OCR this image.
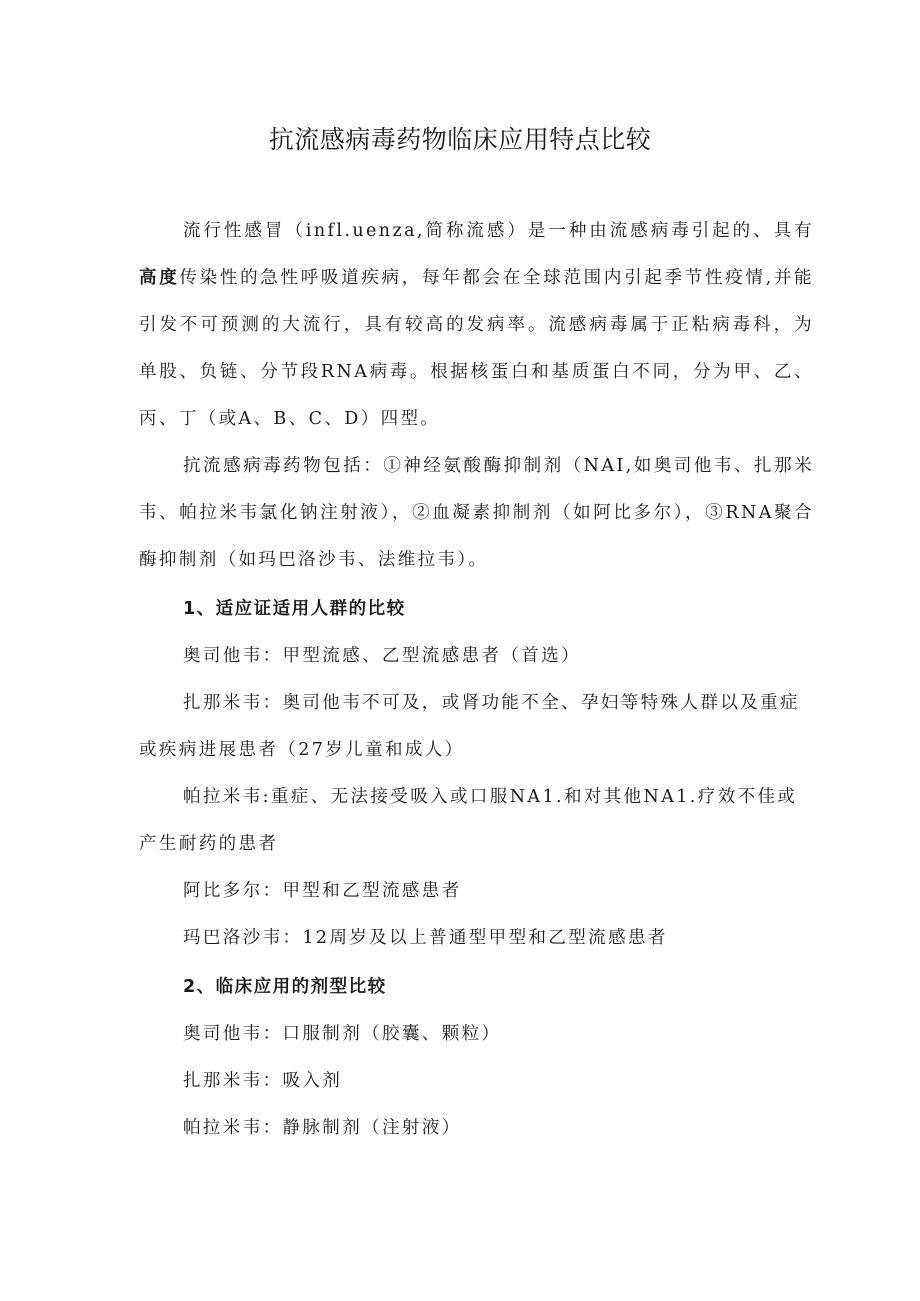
抗流感病毒药物临床应用特点比较

流行性感冒（infl.uenza,简称流感）是一种由流感病毒引起的、具有高度传染性的急性呼吸道疾病，每年都会在全球范围内引起季节性疫情,并能引发不可预测的大流行，具有较高的发病率。流感病毒属于正粘病毒科，为单股、负链、分节段RNA病毒。根据核蛋白和基质蛋白不同，分为甲、乙、丙、丁（或A、B、C、D）四型。

抗流感病毒药物包括：①神经氨酸酶抑制剂（NAI,如奥司他韦、扎那米韦、帕拉米韦氯化钠注射液），②血凝素抑制剂（如阿比多尔），③RNA聚合酶抑制剂（如玛巴洛沙韦、法维拉韦）。

1、适应证适用人群的比较

奥司他韦：甲型流感、乙型流感患者（首选）

扎那米韦：奥司他韦不可及，或肾功能不全、孕妇等特殊人群以及重症或疾病进展患者（27岁儿童和成人）

帕拉米韦:重症、无法接受吸入或口服NA1.和对其他NA1.疗效不佳或产生耐药的患者

阿比多尔：甲型和乙型流感患者

玛巴洛沙韦：12周岁及以上普通型甲型和乙型流感患者

2、临床应用的剂型比较

奥司他韦：口服制剂（胶囊、颗粒）

扎那米韦：吸入剂

帕拉米韦：静脉制剂（注射液）
